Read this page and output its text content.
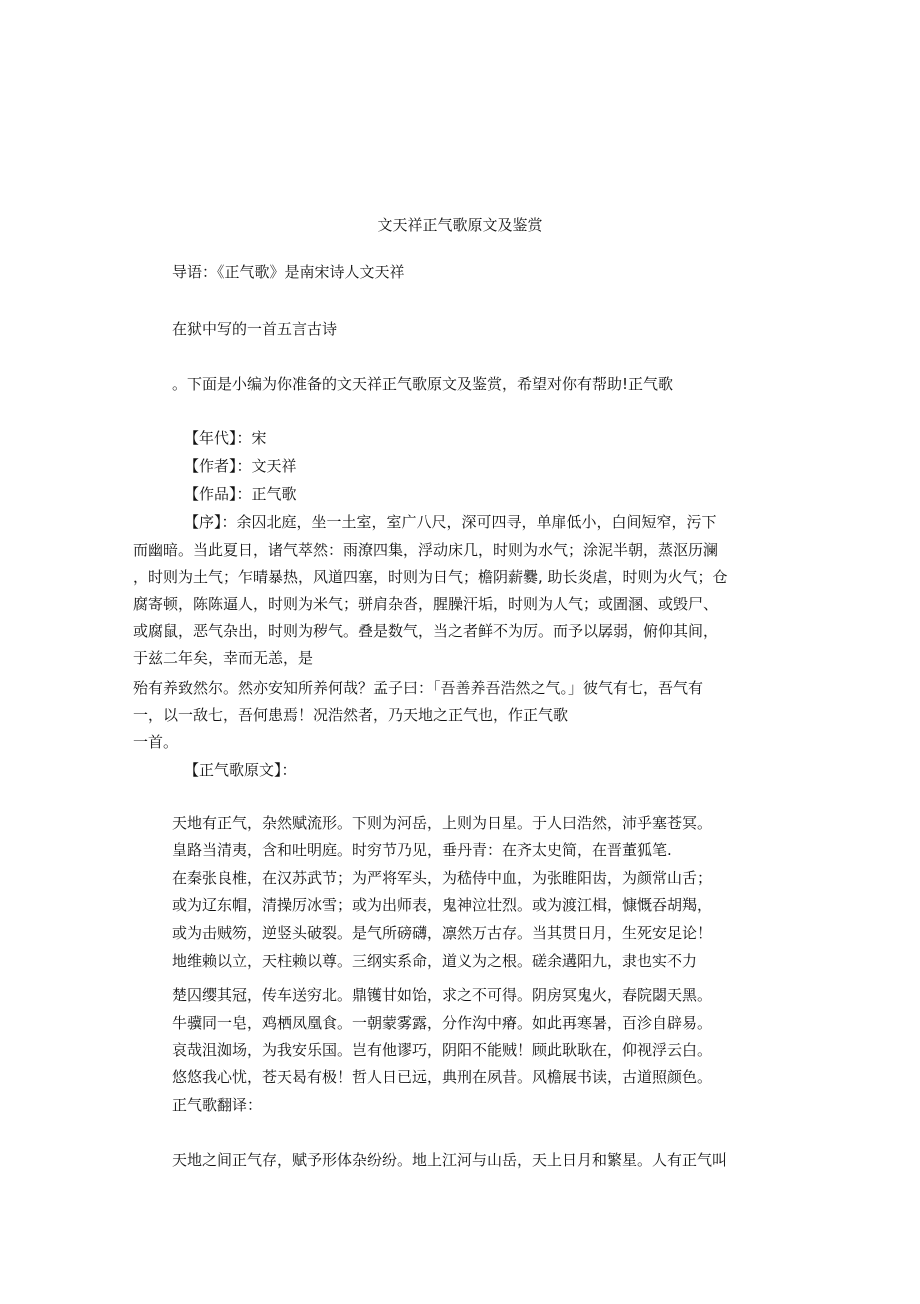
文天祥正气歌原文及鉴赏
导语：《正气歌》是南宋诗人文天祥
在狱中写的一首五言古诗
。下面是小编为你准备的文天祥正气歌原文及鉴赏，希望对你有帮助!正气歌
【年代】：宋
【作者】：文天祥
【作品】：正气歌
【序】：余囚北庭，坐一土室，室广八尺，深可四寻，单扉低小，白间短窄，污下
而幽暗。当此夏日，诸气萃然：雨潦四集，浮动床几，时则为水气；涂泥半朝，蒸沤历澜
，时则为土气；乍晴暴热，风道四塞，时则为日气；檐阴薪爨, 助长炎虐，时则为火气；仓
腐寄顿，陈陈逼人，时则为米气；骈肩杂沓，腥臊汗垢，时则为人气；或圊溷、或毁尸、
或腐鼠，恶气杂出，时则为秽气。叠是数气，当之者鲜不为厉。而予以孱弱，俯仰其间，
于兹二年矣，幸而无恙，是
殆有养致然尔。然亦安知所养何哉？孟子曰：「吾善养吾浩然之气。」彼气有七，吾气有
一，以一敌七，吾何患焉！况浩然者，乃天地之正气也，作正气歌
一首。
【正气歌原文】：
天地有正气，杂然赋流形。下则为河岳，上则为日星。于人曰浩然，沛乎塞苍冥。
皇路当清夷，含和吐明庭。时穷节乃见，垂丹青：在齐太史简，在晋董狐笔.
在秦张良椎，在汉苏武节；为严将军头，为嵇侍中血，为张睢阳齿，为颜常山舌；
或为辽东帽，清操厉冰雪；或为出师表，鬼神泣壮烈。或为渡江楫，慷慨吞胡羯，
或为击贼笏，逆竖头破裂。是气所磅礴，凛然万古存。当其贯日月，生死安足论！
地维赖以立，天柱赖以尊。三纲实系命，道义为之根。磋余遘阳九，隶也实不力
楚囚缨其冠，传车送穷北。鼎镬甘如饴，求之不可得。阴房冥鬼火，春院閟天黑。
牛骥同一皂，鸡栖凤凰食。一朝蒙雾露，分作沟中瘠。如此再寒暑，百沴自辟易。
哀哉沮洳场，为我安乐国。岂有他谬巧，阴阳不能贼！顾此耿耿在，仰视浮云白。
悠悠我心忧，苍天曷有极！哲人日已远，典刑在夙昔。风檐展书读，古道照颜色。
正气歌翻译：
天地之间正气存，赋予形体杂纷纷。地上江河与山岳，天上日月和繁星。人有正气叫
